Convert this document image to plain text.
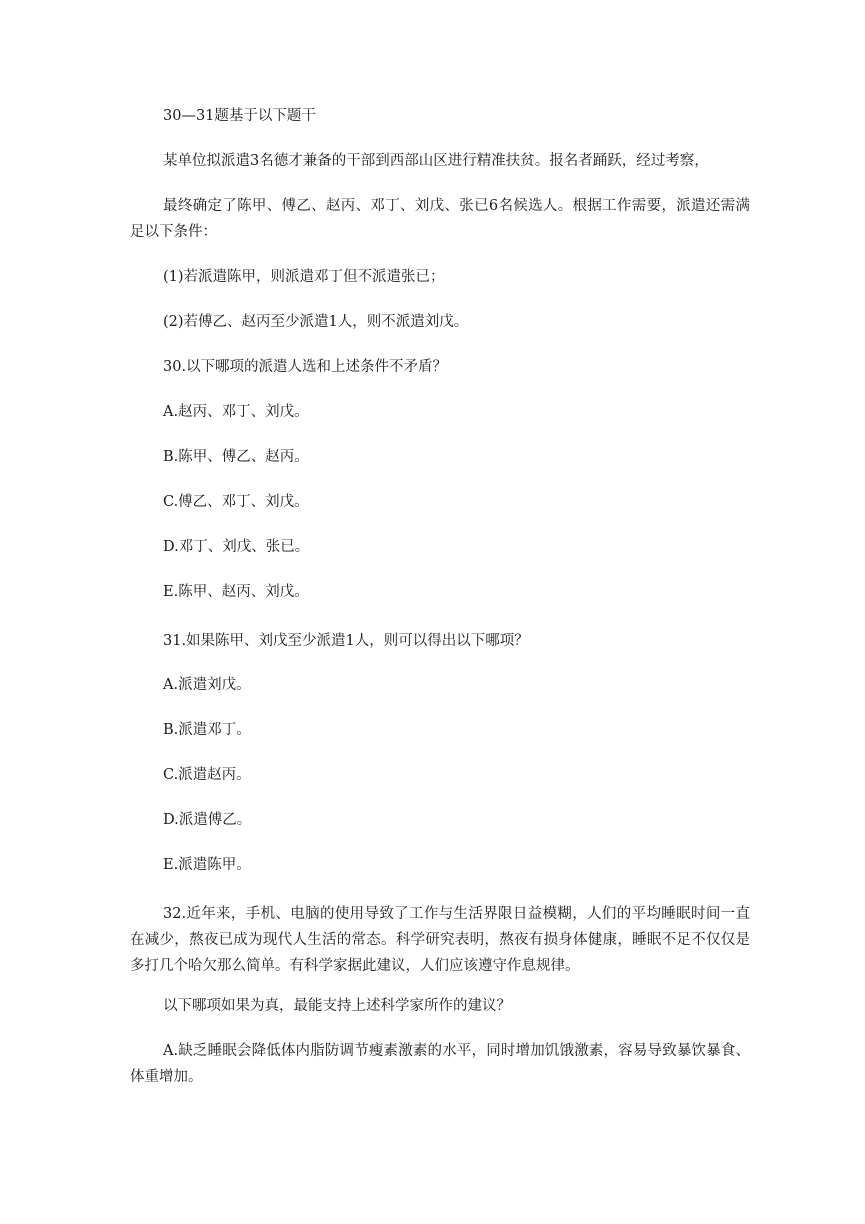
30—31题基于以下题干
某单位拟派遣3名德才兼备的干部到西部山区进行精准扶贫。报名者踊跃，经过考察，
最终确定了陈甲、傅乙、赵丙、邓丁、刘戊、张已6名候选人。根据工作需要，派遣还需满足以下条件：
(1)若派遣陈甲，则派遣邓丁但不派遣张已；
(2)若傅乙、赵丙至少派遣1人，则不派遣刘戊。
30.以下哪项的派遣人选和上述条件不矛盾？
A.赵丙、邓丁、刘戊。
B.陈甲、傅乙、赵丙。
C.傅乙、邓丁、刘戊。
D.邓丁、刘戊、张已。
E.陈甲、赵丙、刘戊。
31.如果陈甲、刘戊至少派遣1人，则可以得出以下哪项？
A.派遣刘戊。
B.派遣邓丁。
C.派遣赵丙。
D.派遣傅乙。
E.派遣陈甲。
32.近年来，手机、电脑的使用导致了工作与生活界限日益模糊，人们的平均睡眠时间一直在减少，熬夜已成为现代人生活的常态。科学研究表明，熬夜有损身体健康，睡眠不足不仅仅是多打几个哈欠那么简单。有科学家据此建议，人们应该遵守作息规律。
以下哪项如果为真，最能支持上述科学家所作的建议？
A.缺乏睡眠会降低体内脂防调节瘦素激素的水平，同时增加饥饿激素，容易导致暴饮暴食、体重增加。
